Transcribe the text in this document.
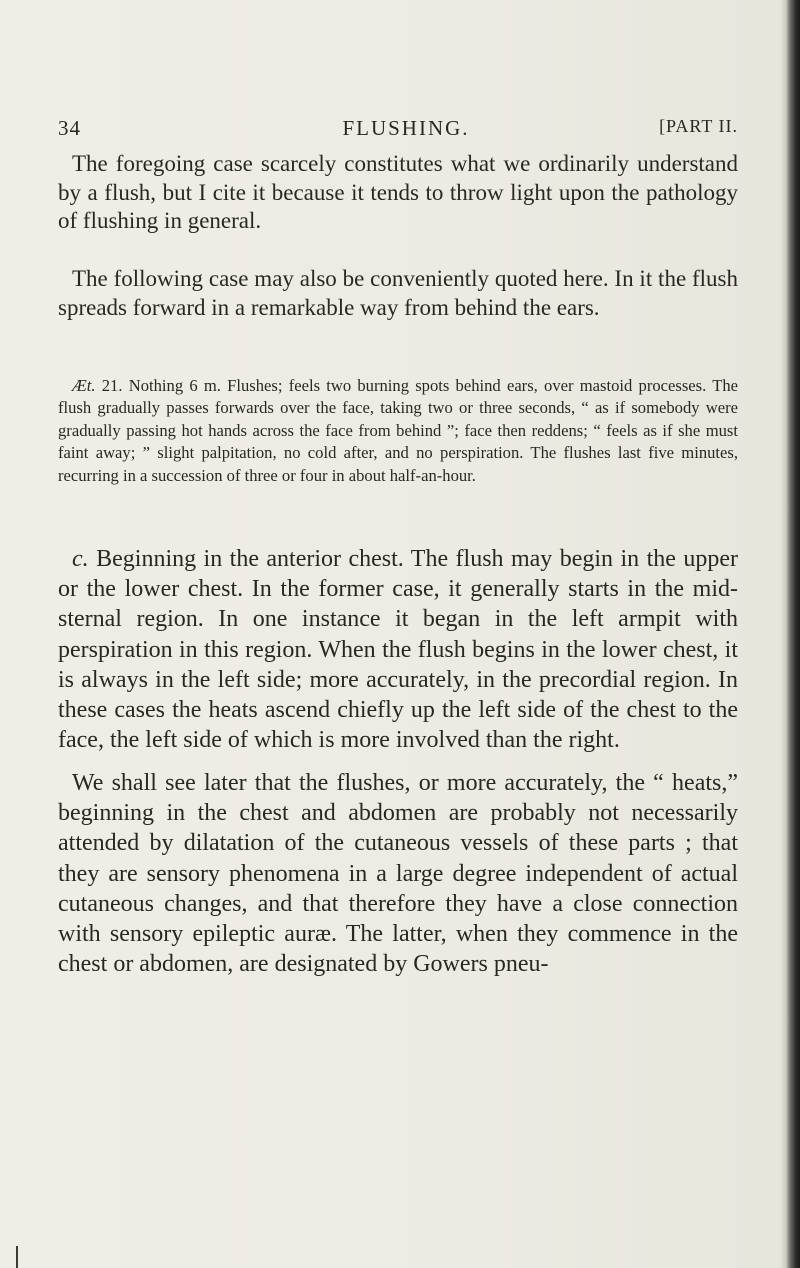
34	FLUSHING.	[PART II.

The foregoing case scarcely constitutes what we ordinarily understand by a flush, but I cite it because it tends to throw light upon the pathology of flushing in general.

The following case may also be conveniently quoted here. In it the flush spreads forward in a remarkable way from behind the ears.

Æt. 21. Nothing 6 m. Flushes; feels two burning spots behind ears, over mastoid processes. The flush gradually passes forwards over the face, taking two or three seconds, “ as if somebody were gradually passing hot hands across the face from behind ”; face then reddens; “ feels as if she must faint away; ” slight palpitation, no cold after, and no perspiration. The flushes last five minutes, recurring in a succession of three or four in about half-an-hour.

c. Beginning in the anterior chest. The flush may begin in the upper or the lower chest. In the former case, it generally starts in the mid-sternal region. In one instance it began in the left armpit with perspiration in this region. When the flush begins in the lower chest, it is always in the left side; more accurately, in the precordial region. In these cases the heats ascend chiefly up the left side of the chest to the face, the left side of which is more involved than the right.

We shall see later that the flushes, or more accurately, the “ heats,” beginning in the chest and abdomen are probably not necessarily attended by dilatation of the cutaneous vessels of these parts ; that they are sensory phenomena in a large degree independent of actual cutaneous changes, and that therefore they have a close connection with sensory epileptic auræ. The latter, when they commence in the chest or abdomen, are designated by Gowers pneu-
